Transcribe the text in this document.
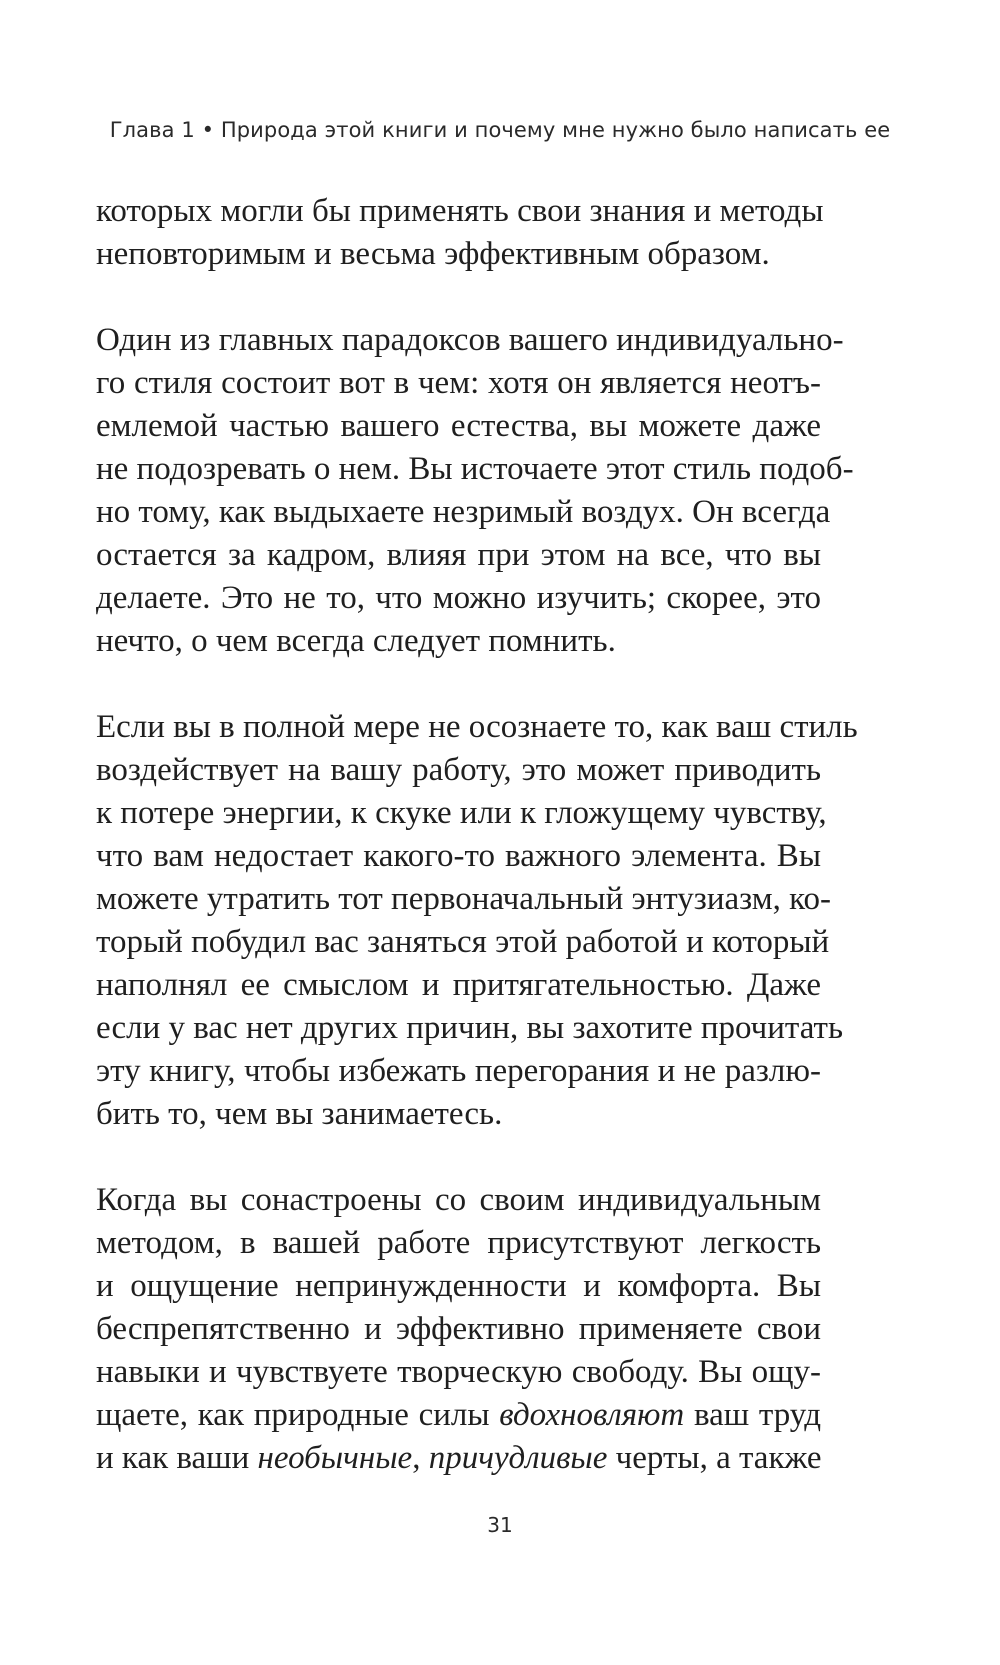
Глава 1 • Природа этой книги и почему мне нужно было написать ее
которых могли бы применять свои знания и методы
неповторимым и весьма эффективным образом.
Один из главных парадоксов вашего индивидуально-
го стиля состоит вот в чем: хотя он является неотъ-
емлемой частью вашего естества, вы можете даже
не подозревать о нем. Вы источаете этот стиль подоб-
но тому, как выдыхаете незримый воздух. Он всегда
остается за кадром, влияя при этом на все, что вы
делаете. Это не то, что можно изучить; скорее, это
нечто, о чем всегда следует помнить.
Если вы в полной мере не осознаете то, как ваш стиль
воздействует на вашу работу, это может приводить
к потере энергии, к скуке или к гложущему чувству,
что вам недостает какого-то важного элемента. Вы
можете утратить тот первоначальный энтузиазм, ко-
торый побудил вас заняться этой работой и который
наполнял ее смыслом и притягательностью. Даже
если у вас нет других причин, вы захотите прочитать
эту книгу, чтобы избежать перегорания и не разлю-
бить то, чем вы занимаетесь.
Когда вы сонастроены со своим индивидуальным
методом, в вашей работе присутствуют легкость
и ощущение непринужденности и комфорта. Вы
беспрепятственно и эффективно применяете свои
навыки и чувствуете творческую свободу. Вы ощу-
щаете, как природные силы вдохновляют ваш труд
и как ваши необычные, причудливые черты, а также
31
